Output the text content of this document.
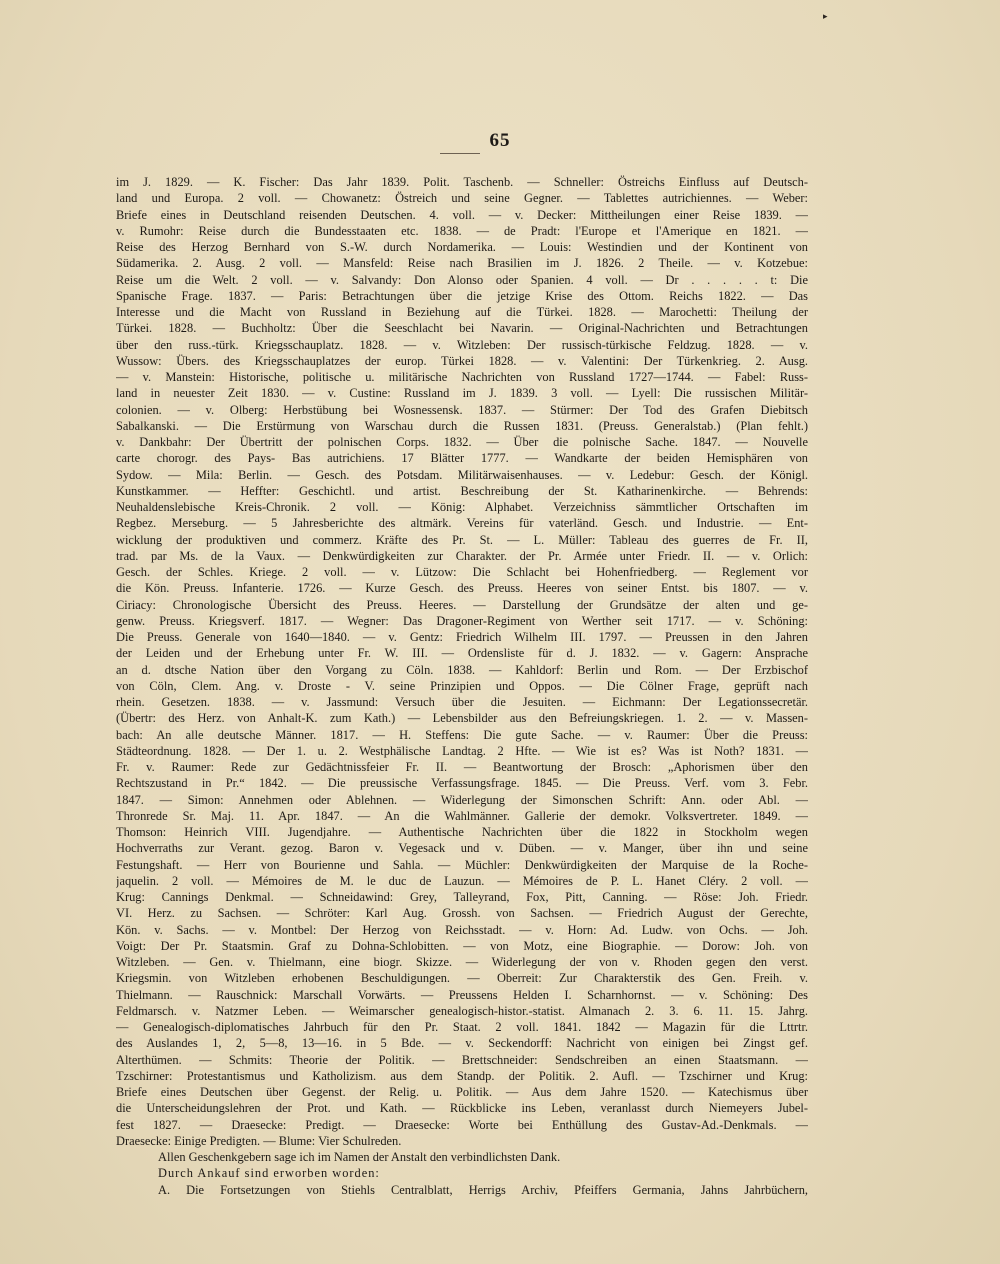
▸
65
im J. 1829. — K. Fischer: Das Jahr 1839. Polit. Taschenb. — Schneller: Östreichs Einfluss auf Deutsch-
land und Europa. 2 voll. — Chowanetz: Östreich und seine Gegner. — Tablettes autrichiennes. — Weber:
Briefe eines in Deutschland reisenden Deutschen. 4. voll. — v. Decker: Mittheilungen einer Reise 1839. —
v. Rumohr: Reise durch die Bundesstaaten etc. 1838. — de Pradt: l'Europe et l'Amerique en 1821. —
Reise des Herzog Bernhard von S.-W. durch Nordamerika. — Louis: Westindien und der Kontinent von
Südamerika. 2. Ausg. 2 voll. — Mansfeld: Reise nach Brasilien im J. 1826. 2 Theile. — v. Kotzebue:
Reise um die Welt. 2 voll. — v. Salvandy: Don Alonso oder Spanien. 4 voll. — Dr . . . . . t: Die
Spanische Frage. 1837. — Paris: Betrachtungen über die jetzige Krise des Ottom. Reichs 1822. — Das
Interesse und die Macht von Russland in Beziehung auf die Türkei. 1828. — Marochetti: Theilung der
Türkei. 1828. — Buchholtz: Über die Seeschlacht bei Navarin. — Original-Nachrichten und Betrachtungen
über den russ.-türk. Kriegsschauplatz. 1828. — v. Witzleben: Der russisch-türkische Feldzug. 1828. — v.
Wussow: Übers. des Kriegsschauplatzes der europ. Türkei 1828. — v. Valentini: Der Türkenkrieg. 2. Ausg.
— v. Manstein: Historische, politische u. militärische Nachrichten von Russland 1727—1744. — Fabel: Russ-
land in neuester Zeit 1830. — v. Custine: Russland im J. 1839. 3 voll. — Lyell: Die russischen Militär-
colonien. — v. Olberg: Herbstübung bei Wosnessensk. 1837. — Stürmer: Der Tod des Grafen Diebitsch
Sabalkanski. — Die Erstürmung von Warschau durch die Russen 1831. (Preuss. Generalstab.) (Plan fehlt.)
v. Dankbahr: Der Übertritt der polnischen Corps. 1832. — Über die polnische Sache. 1847. — Nouvelle
carte chorogr. des Pays- Bas autrichiens. 17 Blätter 1777. — Wandkarte der beiden Hemisphären von
Sydow. — Mila: Berlin. — Gesch. des Potsdam. Militärwaisenhauses. — v. Ledebur: Gesch. der Königl.
Kunstkammer. — Heffter: Geschichtl. und artist. Beschreibung der St. Katharinenkirche. — Behrends:
Neuhaldenslebische Kreis-Chronik. 2 voll. — König: Alphabet. Verzeichniss sämmtlicher Ortschaften im
Regbez. Merseburg. — 5 Jahresberichte des altmärk. Vereins für vaterländ. Gesch. und Industrie. — Ent-
wicklung der produktiven und commerz. Kräfte des Pr. St. — L. Müller: Tableau des guerres de Fr. II,
trad. par Ms. de la Vaux. — Denkwürdigkeiten zur Charakter. der Pr. Armée unter Friedr. II. — v. Orlich:
Gesch. der Schles. Kriege. 2 voll. — v. Lützow: Die Schlacht bei Hohenfriedberg. — Reglement vor
die Kön. Preuss. Infanterie. 1726. — Kurze Gesch. des Preuss. Heeres von seiner Entst. bis 1807. — v.
Ciriacy: Chronologische Übersicht des Preuss. Heeres. — Darstellung der Grundsätze der alten und ge-
genw. Preuss. Kriegsverf. 1817. — Wegner: Das Dragoner-Regiment von Werther seit 1717. — v. Schöning:
Die Preuss. Generale von 1640—1840. — v. Gentz: Friedrich Wilhelm III. 1797. — Preussen in den Jahren
der Leiden und der Erhebung unter Fr. W. III. — Ordensliste für d. J. 1832. — v. Gagern: Ansprache
an d. dtsche Nation über den Vorgang zu Cöln. 1838. — Kahldorf: Berlin und Rom. — Der Erzbischof
von Cöln, Clem. Ang. v. Droste - V. seine Prinzipien und Oppos. — Die Cölner Frage, geprüft nach
rhein. Gesetzen. 1838. — v. Jassmund: Versuch über die Jesuiten. — Eichmann: Der Legationssecretär.
(Übertr: des Herz. von Anhalt-K. zum Kath.) — Lebensbilder aus den Befreiungskriegen. 1. 2. — v. Massen-
bach: An alle deutsche Männer. 1817. — H. Steffens: Die gute Sache. — v. Raumer: Über die Preuss:
Städteordnung. 1828. — Der 1. u. 2. Westphälische Landtag. 2 Hfte. — Wie ist es? Was ist Noth? 1831. —
Fr. v. Raumer: Rede zur Gedächtnissfeier Fr. II. — Beantwortung der Brosch: „Aphorismen über den
Rechtszustand in Pr.“ 1842. — Die preussische Verfassungsfrage. 1845. — Die Preuss. Verf. vom 3. Febr.
1847. — Simon: Annehmen oder Ablehnen. — Widerlegung der Simonschen Schrift: Ann. oder Abl. —
Thronrede Sr. Maj. 11. Apr. 1847. — An die Wahlmänner. Gallerie der demokr. Volksvertreter. 1849. —
Thomson: Heinrich VIII. Jugendjahre. — Authentische Nachrichten über die 1822 in Stockholm wegen
Hochverraths zur Verant. gezog. Baron v. Vegesack und v. Düben. — v. Manger, über ihn und seine
Festungshaft. — Herr von Bourienne und Sahla. — Müchler: Denkwürdigkeiten der Marquise de la Roche-
jaquelin. 2 voll. — Mémoires de M. le duc de Lauzun. — Mémoires de P. L. Hanet Cléry. 2 voll. —
Krug: Cannings Denkmal. — Schneidawind: Grey, Talleyrand, Fox, Pitt, Canning. — Röse: Joh. Friedr.
VI. Herz. zu Sachsen. — Schröter: Karl Aug. Grossh. von Sachsen. — Friedrich August der Gerechte,
Kön. v. Sachs. — v. Montbel: Der Herzog von Reichsstadt. — v. Horn: Ad. Ludw. von Ochs. — Joh.
Voigt: Der Pr. Staatsmin. Graf zu Dohna-Schlobitten. — von Motz, eine Biographie. — Dorow: Joh. von
Witzleben. — Gen. v. Thielmann, eine biogr. Skizze. — Widerlegung der von v. Rhoden gegen den verst.
Kriegsmin. von Witzleben erhobenen Beschuldigungen. — Oberreit: Zur Charakterstik des Gen. Freih. v.
Thielmann. — Rauschnick: Marschall Vorwärts. — Preussens Helden I. Scharnhornst. — v. Schöning: Des
Feldmarsch. v. Natzmer Leben. — Weimarscher genealogisch-histor.-statist. Almanach 2. 3. 6. 11. 15. Jahrg.
— Genealogisch-diplomatisches Jahrbuch für den Pr. Staat. 2 voll. 1841. 1842 — Magazin für die Lttrtr.
des Auslandes 1, 2, 5—8, 13—16. in 5 Bde. — v. Seckendorff: Nachricht von einigen bei Zingst gef.
Alterthümen. — Schmits: Theorie der Politik. — Brettschneider: Sendschreiben an einen Staatsmann. —
Tzschirner: Protestantismus und Katholizism. aus dem Standp. der Politik. 2. Aufl. — Tzschirner und Krug:
Briefe eines Deutschen über Gegenst. der Relig. u. Politik. — Aus dem Jahre 1520. — Katechismus über
die Unterscheidungslehren der Prot. und Kath. — Rückblicke ins Leben, veranlasst durch Niemeyers Jubel-
fest 1827. — Draesecke: Predigt. — Draesecke: Worte bei Enthüllung des Gustav-Ad.-Denkmals. —
Draesecke: Einige Predigten. — Blume: Vier Schulreden.
Allen Geschenkgebern sage ich im Namen der Anstalt den verbindlichsten Dank.
Durch Ankauf sind erworben worden:
A. Die Fortsetzungen von Stiehls Centralblatt, Herrigs Archiv, Pfeiffers Germania, Jahns Jahrbüchern,
